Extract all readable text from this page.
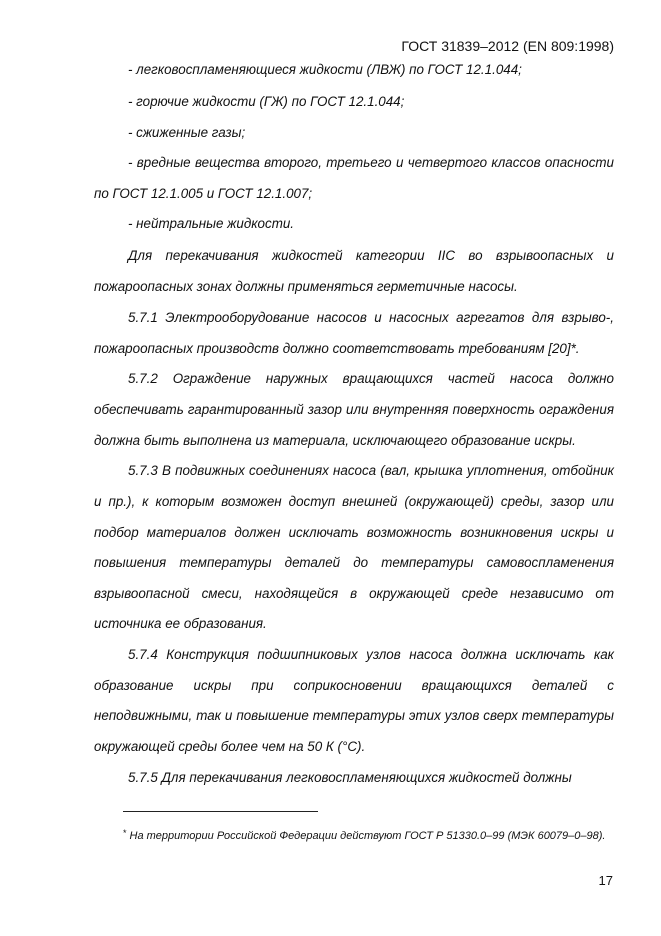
ГОСТ 31839–2012 (EN 809:1998)
- легковоспламеняющиеся жидкости (ЛВЖ) по ГОСТ 12.1.044;
- горючие жидкости (ГЖ) по ГОСТ 12.1.044;
- сжиженные газы;
- вредные вещества второго, третьего и четвертого классов опасности
по ГОСТ 12.1.005 и ГОСТ 12.1.007;
- нейтральные жидкости.
Для перекачивания жидкостей категории IIC во взрывоопасных и
пожароопасных зонах должны применяться герметичные насосы.
5.7.1 Электрооборудование насосов и насосных агрегатов для взрыво-,
пожароопасных производств должно соответствовать требованиям [20]*.
5.7.2 Ограждение наружных вращающихся частей насоса должно
обеспечивать гарантированный зазор или внутренняя поверхность ограждения
должна быть выполнена из материала, исключающего образование искры.
5.7.3 В подвижных соединениях насоса (вал, крышка уплотнения, отбойник
и пр.), к которым возможен доступ внешней (окружающей) среды, зазор или
подбор материалов должен исключать возможность возникновения искры и
повышения температуры деталей до температуры самовоспламенения
взрывоопасной смеси, находящейся в окружающей среде независимо от
источника ее образования.
5.7.4 Конструкция подшипниковых узлов насоса должна исключать как
образование искры при соприкосновении вращающихся деталей с
неподвижными, так и повышение температуры этих узлов сверх температуры
окружающей среды более чем на 50 К (°С).
5.7.5 Для перекачивания легковоспламеняющихся жидкостей должны
* На территории Российской Федерации действуют ГОСТ Р 51330.0–99 (МЭК 60079–0–98).
17
